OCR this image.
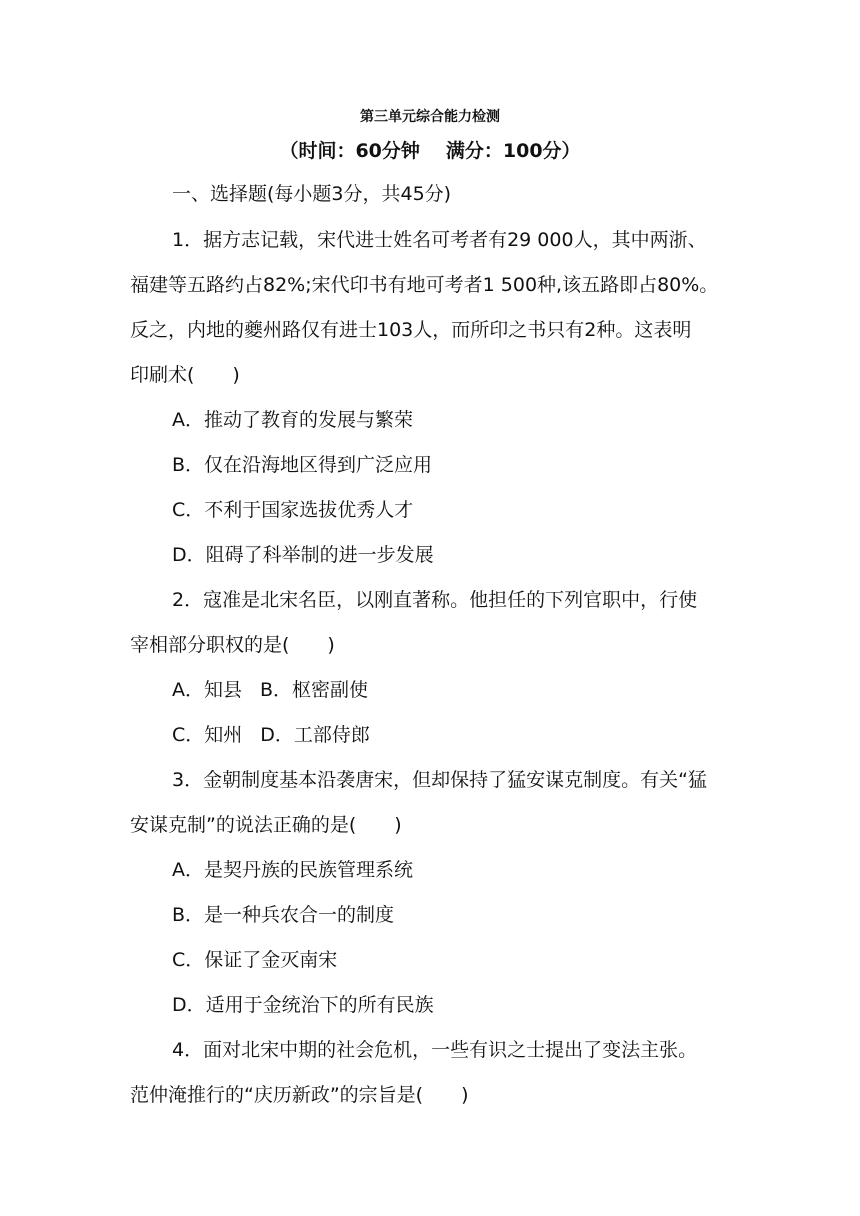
第三单元综合能力检测
（时间：60分钟 满分：100分）
一、选择题(每小题3分，共45分)
1．据方志记载，宋代进士姓名可考者有29 000人，其中两浙、
福建等五路约占82%;宋代印书有地可考者1 500种,该五路即占80%。
反之，内地的夔州路仅有进士103人，而所印之书只有2种。这表明
印刷术(　　)
A．推动了教育的发展与繁荣
B．仅在沿海地区得到广泛应用
C．不利于国家选拔优秀人才
D．阻碍了科举制的进一步发展
2．寇准是北宋名臣，以刚直著称。他担任的下列官职中，行使
宰相部分职权的是(　　)
A．知县 B．枢密副使
C．知州 D．工部侍郎
3．金朝制度基本沿袭唐宋，但却保持了猛安谋克制度。有关“猛
安谋克制”的说法正确的是(　　)
A．是契丹族的民族管理系统
B．是一种兵农合一的制度
C．保证了金灭南宋
D．适用于金统治下的所有民族
4．面对北宋中期的社会危机，一些有识之士提出了变法主张。
范仲淹推行的“庆历新政”的宗旨是(　　)
